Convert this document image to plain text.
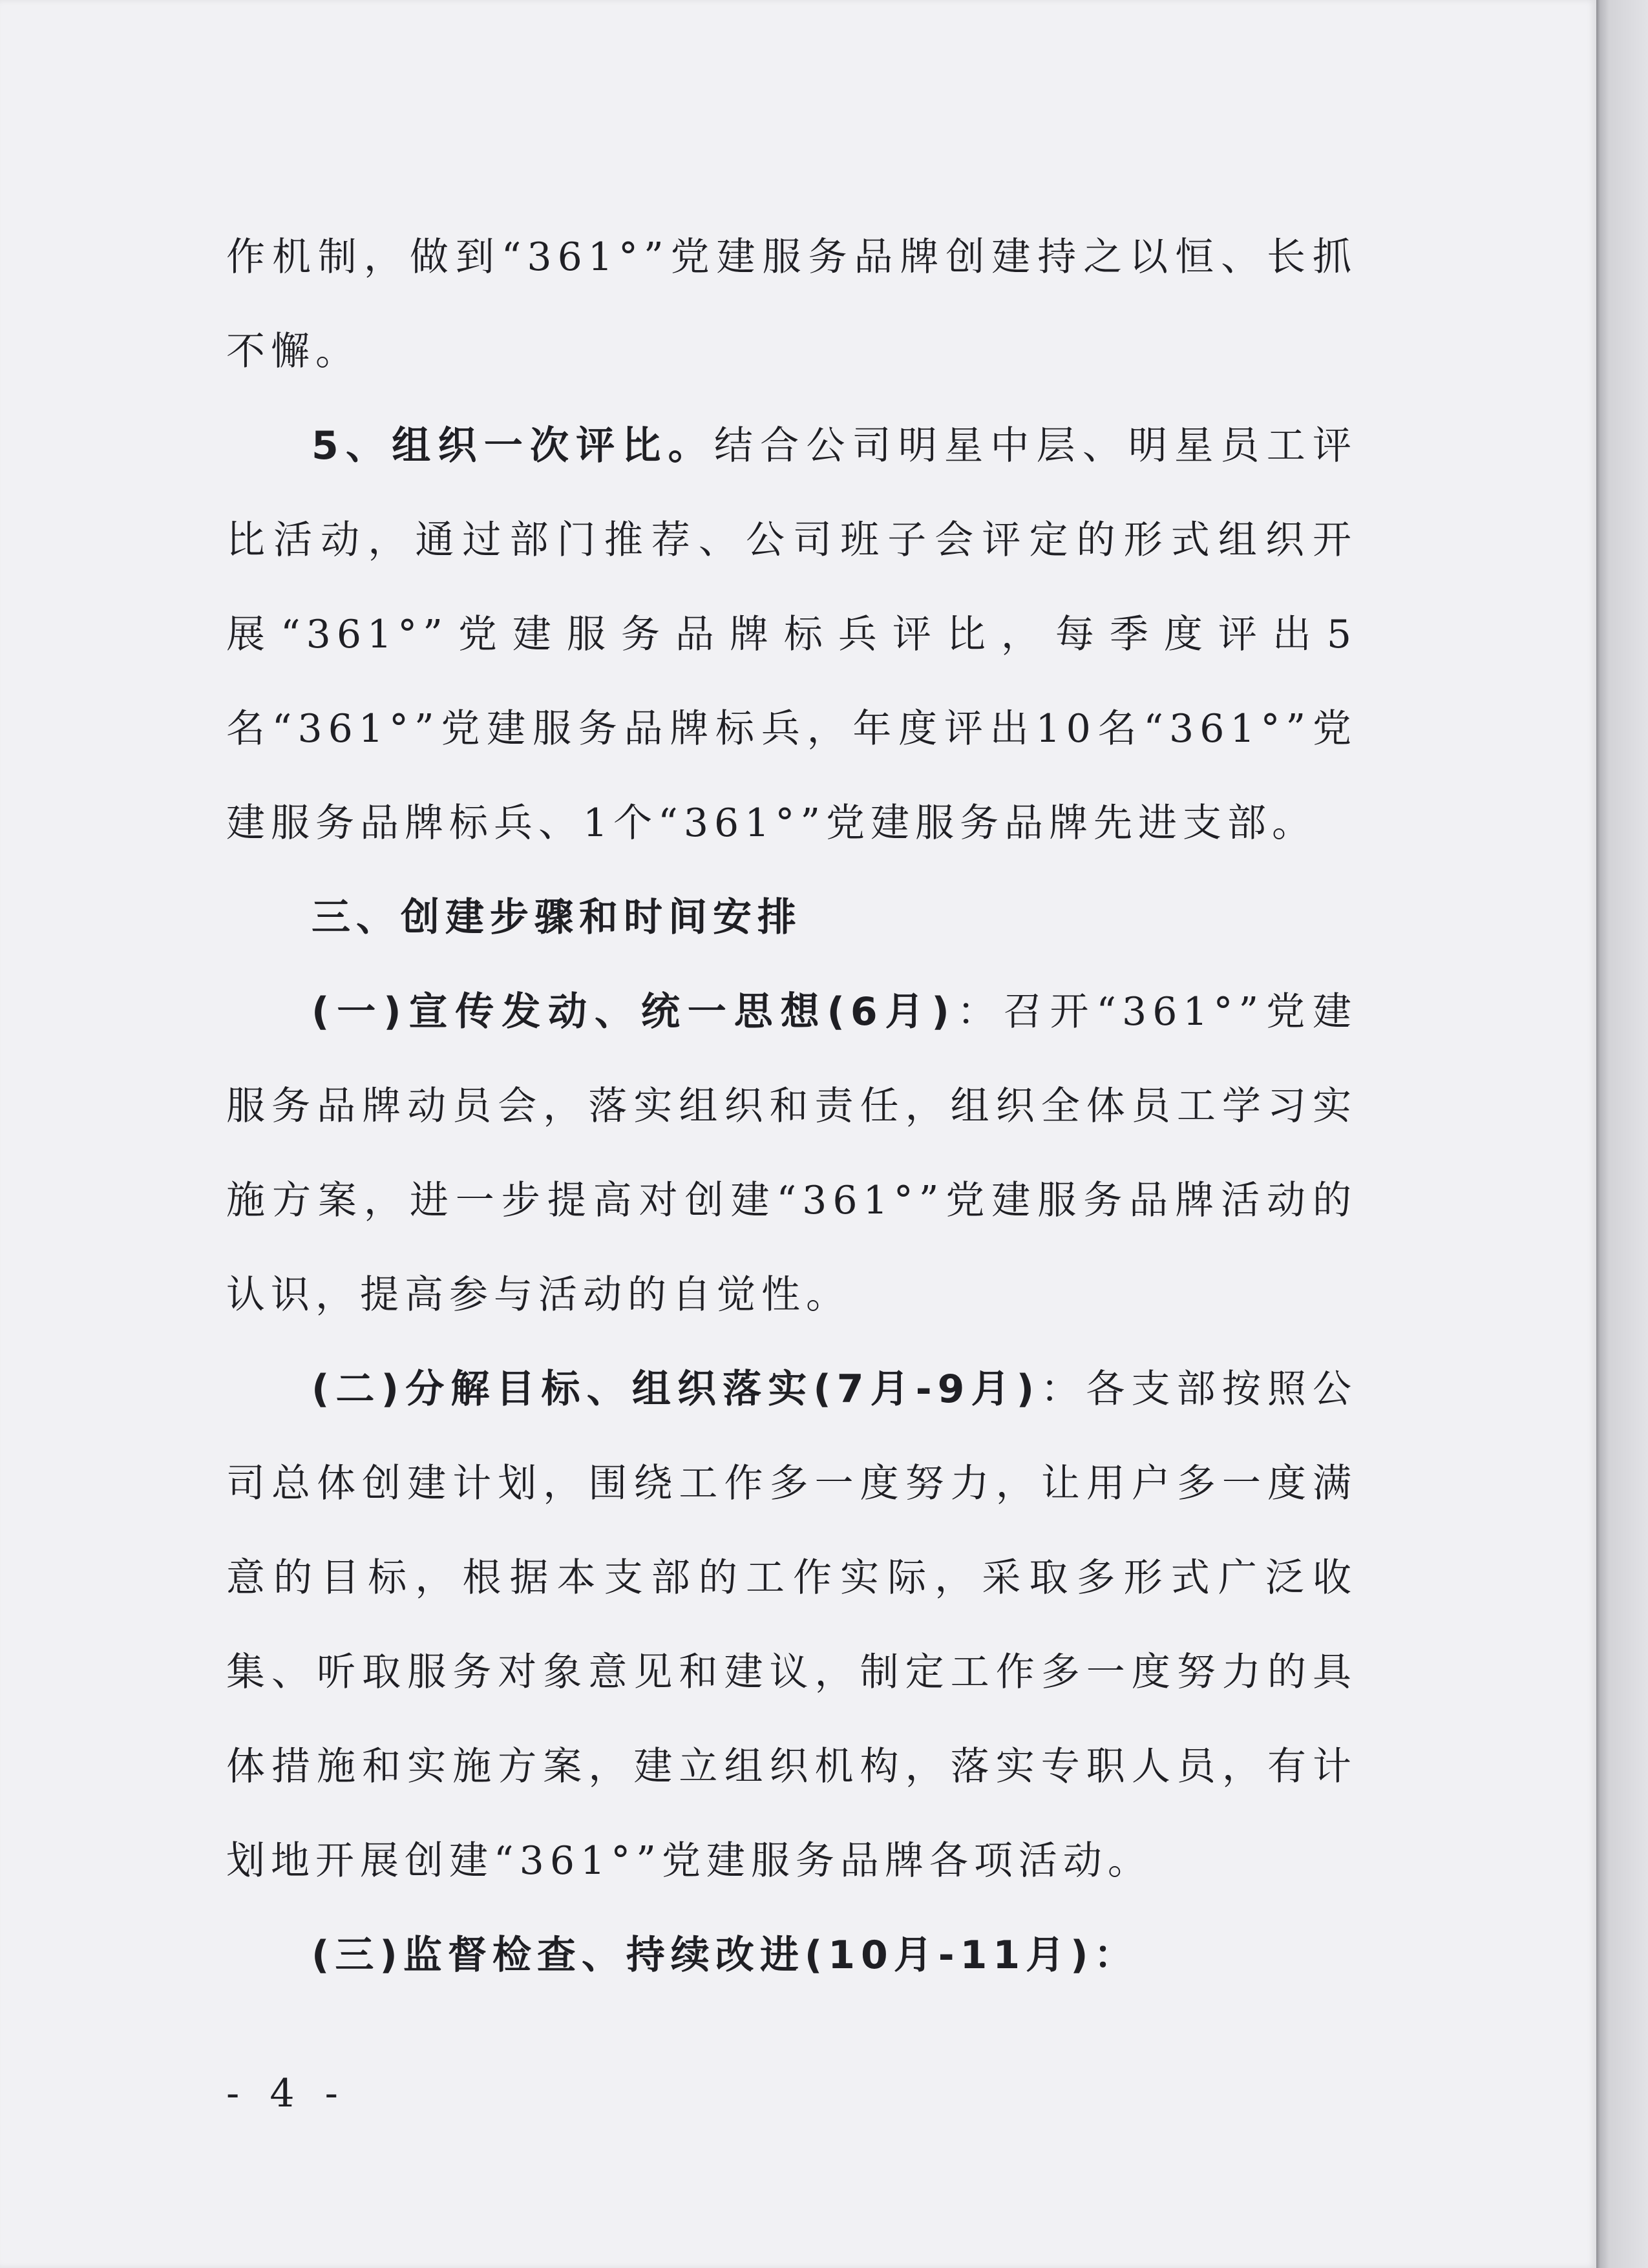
作机制，做到“361°”党建服务品牌创建持之以恒、长抓不懈。

5、组织一次评比。结合公司明星中层、明星员工评比活动，通过部门推荐、公司班子会评定的形式组织开展“361°”党建服务品牌标兵评比，每季度评出5名“361°”党建服务品牌标兵，年度评出10名“361°”党建服务品牌标兵、1个“361°”党建服务品牌先进支部。

三、创建步骤和时间安排

(一)宣传发动、统一思想(6月)：召开“361°”党建服务品牌动员会，落实组织和责任，组织全体员工学习实施方案，进一步提高对创建“361°”党建服务品牌活动的认识，提高参与活动的自觉性。

(二)分解目标、组织落实(7月-9月)：各支部按照公司总体创建计划，围绕工作多一度努力，让用户多一度满意的目标，根据本支部的工作实际，采取多形式广泛收集、听取服务对象意见和建议，制定工作多一度努力的具体措施和实施方案，建立组织机构，落实专职人员，有计划地开展创建“361°”党建服务品牌各项活动。

(三)监督检查、持续改进(10月-11月)：

- 4 -
